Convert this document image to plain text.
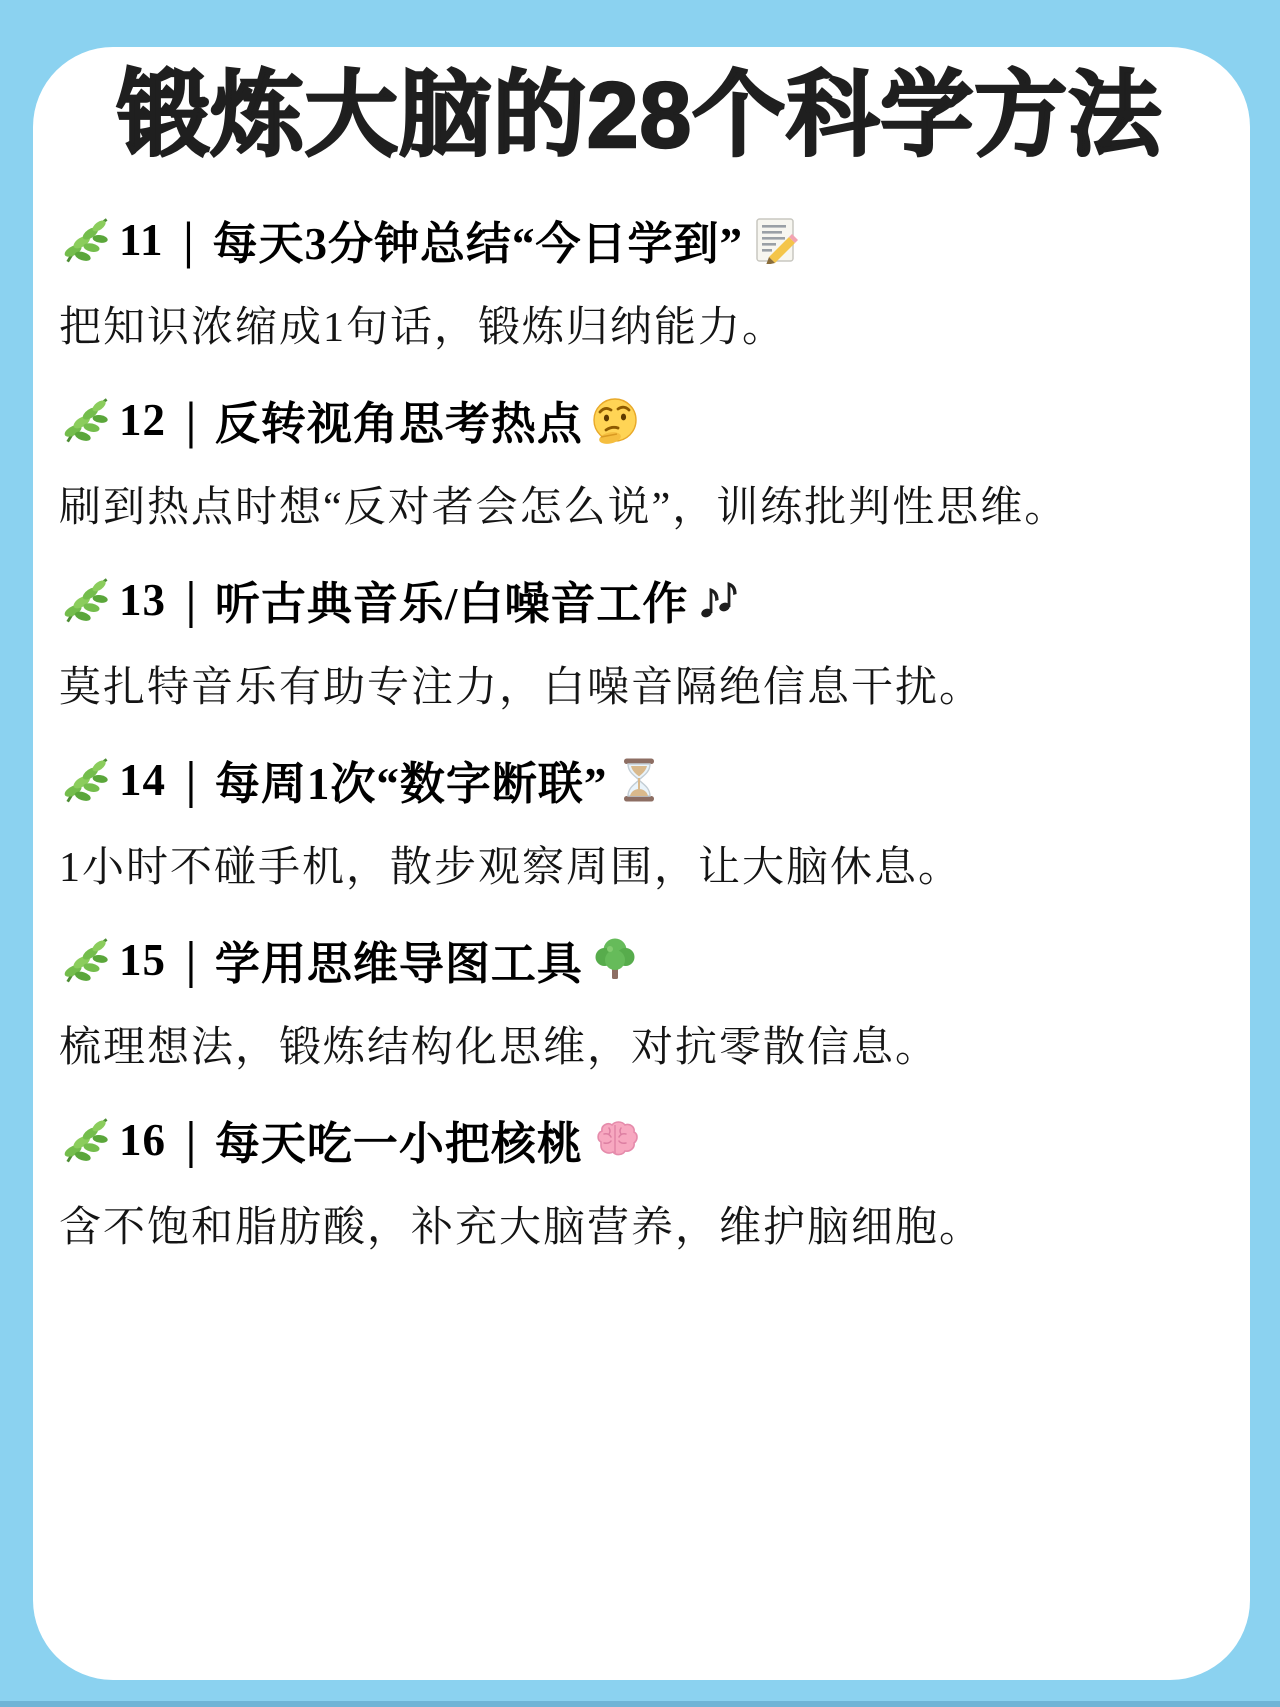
锻炼大脑的28个科学方法
11 | 每天3分钟总结“今日学到”

把知识浓缩成1句话，锻炼归纳能力。

12 | 反转视角思考热点

刷到热点时想“反对者会怎么说”，训练批判性思维。

13 | 听古典音乐/白噪音工作

莫扎特音乐有助专注力，白噪音隔绝信息干扰。

14 | 每周1次“数字断联”

1小时不碰手机，散步观察周围，让大脑休息。

15 | 学用思维导图工具

梳理想法，锻炼结构化思维，对抗零散信息。

16 | 每天吃一小把核桃

含不饱和脂肪酸，补充大脑营养，维护脑细胞。
